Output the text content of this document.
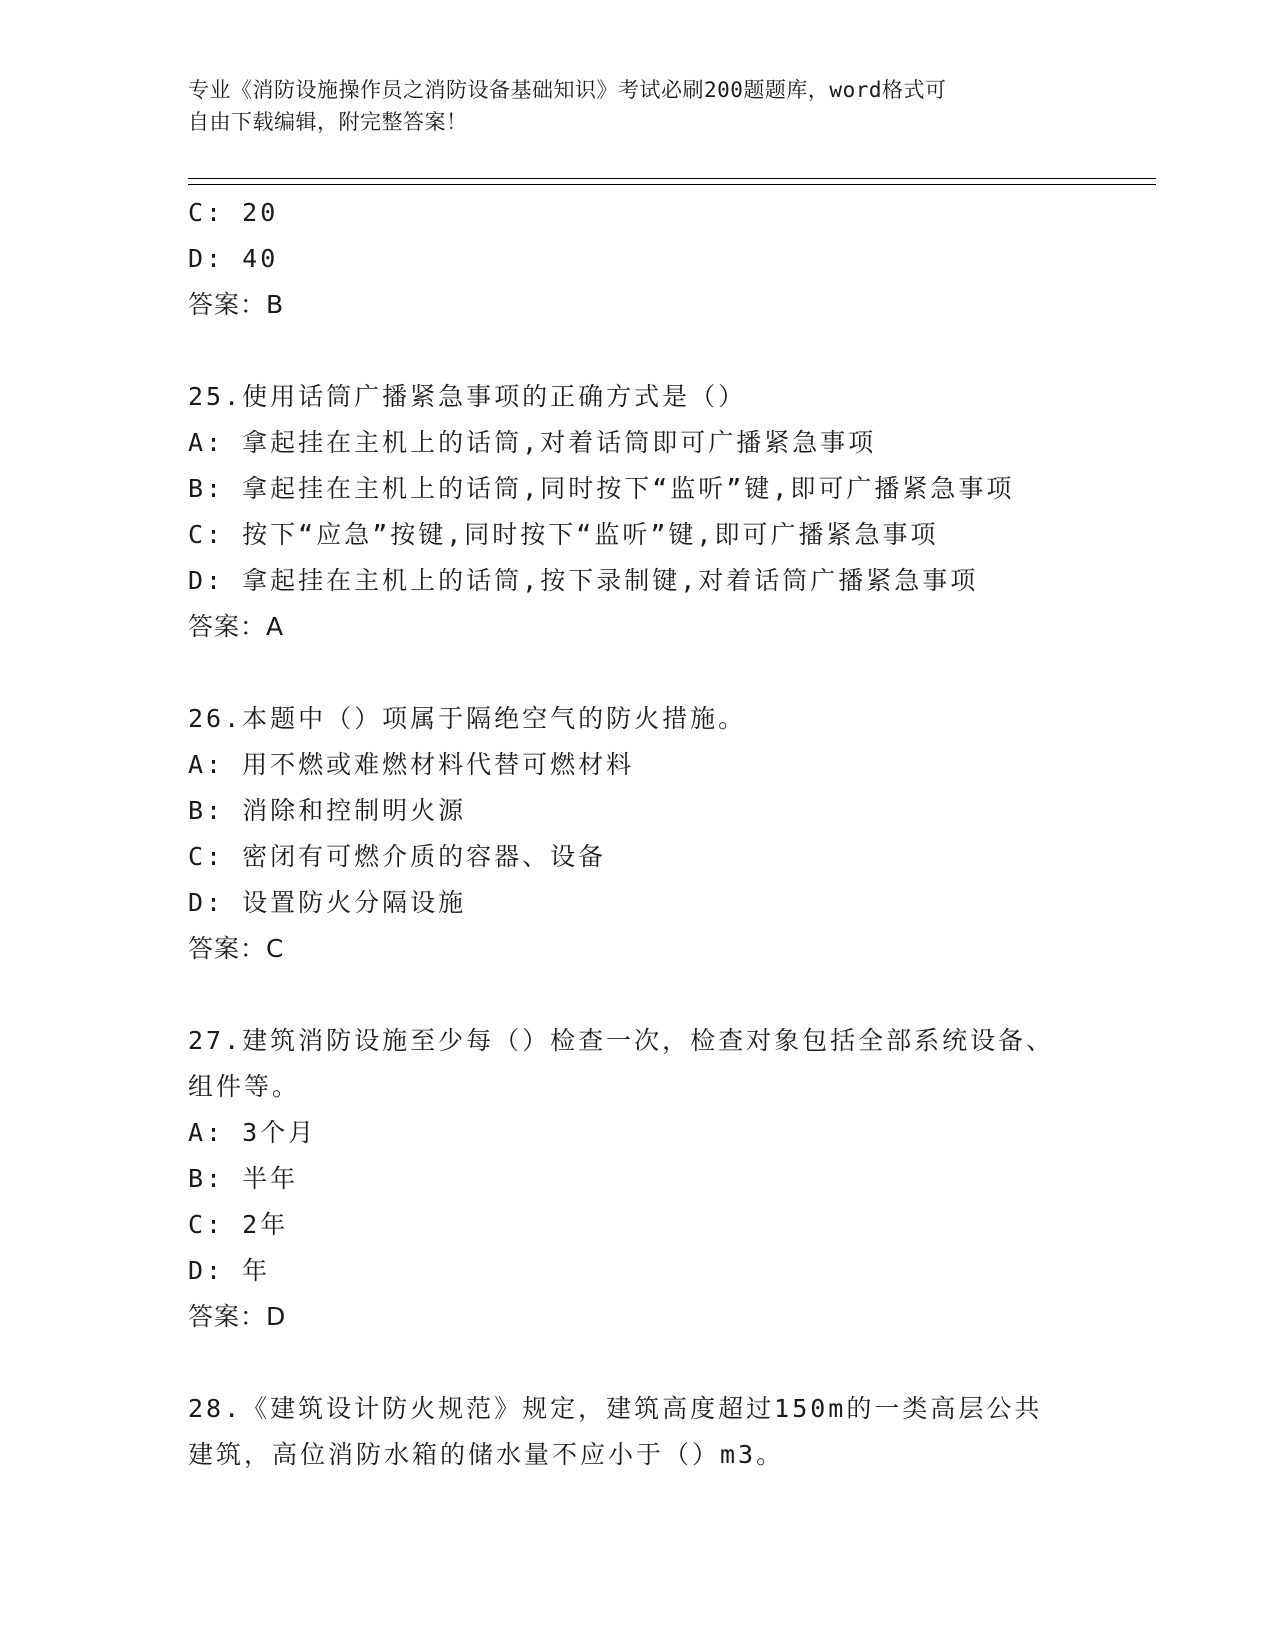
专业《消防设施操作员之消防设备基础知识》考试必刷200题题库，word格式可
自由下载编辑，附完整答案！
C: 20
D: 40
答案：B
25.使用话筒广播紧急事项的正确方式是（）
A: 拿起挂在主机上的话筒,对着话筒即可广播紧急事项
B: 拿起挂在主机上的话筒,同时按下“监听”键,即可广播紧急事项
C: 按下“应急”按键,同时按下“监听”键,即可广播紧急事项
D: 拿起挂在主机上的话筒,按下录制键,对着话筒广播紧急事项
答案：A
26.本题中（）项属于隔绝空气的防火措施。
A: 用不燃或难燃材料代替可燃材料
B: 消除和控制明火源
C: 密闭有可燃介质的容器、设备
D: 设置防火分隔设施
答案：C
27.建筑消防设施至少每（）检查一次，检查对象包括全部系统设备、
组件等。
A: 3个月
B: 半年
C: 2年
D: 年
答案：D
28.《建筑设计防火规范》规定，建筑高度超过150m的一类高层公共
建筑，高位消防水箱的储水量不应小于（）m3。
